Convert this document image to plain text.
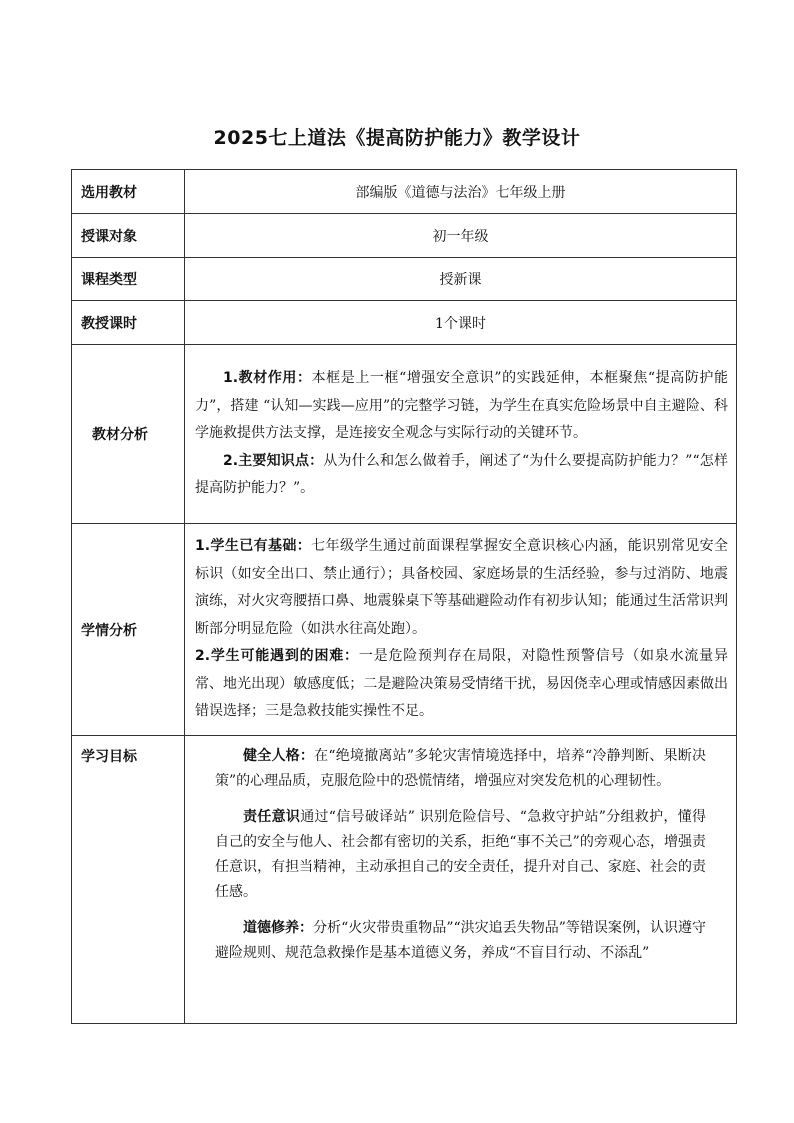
2025七上道法《提高防护能力》教学设计
选用教材	部编版《道德与法治》七年级上册
授课对象	初一年级
课程类型	授新课
教授课时	1个课时
教材分析	1.教材作用：本框是上一框“增强安全意识”的实践延伸，本框聚焦“提高防护能力”，搭建 “认知—实践—应用”的完整学习链，为学生在真实危险场景中自主避险、科学施救提供方法支撑，是连接安全观念与实际行动的关键环节。

2.主要知识点：从为什么和怎么做着手，阐述了“为什么要提高防护能力？”“怎样提高防护能力？”。

学情分析	1.学生已有基础：七年级学生通过前面课程掌握安全意识核心内涵，能识别常见安全标识（如安全出口、禁止通行）；具备校园、家庭场景的生活经验，参与过消防、地震演练，对火灾弯腰捂口鼻、地震躲桌下等基础避险动作有初步认知；能通过生活常识判断部分明显危险（如洪水往高处跑）。

2.学生可能遇到的困难：一是危险预判存在局限，对隐性预警信号（如泉水流量异常、地光出现）敏感度低；二是避险决策易受情绪干扰，易因侥幸心理或情感因素做出错误选择；三是急救技能实操性不足。

学习目标	健全人格：在“绝境撤离站”多轮灾害情境选择中，培养“冷静判断、果断决策”的心理品质，克服危险中的恐慌情绪，增强应对突发危机的心理韧性。

责任意识通过“信号破译站” 识别危险信号、“急救守护站”分组救护，懂得自己的安全与他人、社会都有密切的关系，拒绝“事不关己”的旁观心态，增强责任意识，有担当精神，主动承担自己的安全责任，提升对自己、家庭、社会的责任感。

道德修养：分析“火灾带贵重物品”“洪灾追丢失物品”等错误案例，认识遵守避险规则、规范急救操作是基本道德义务，养成“不盲目行动、不添乱”
